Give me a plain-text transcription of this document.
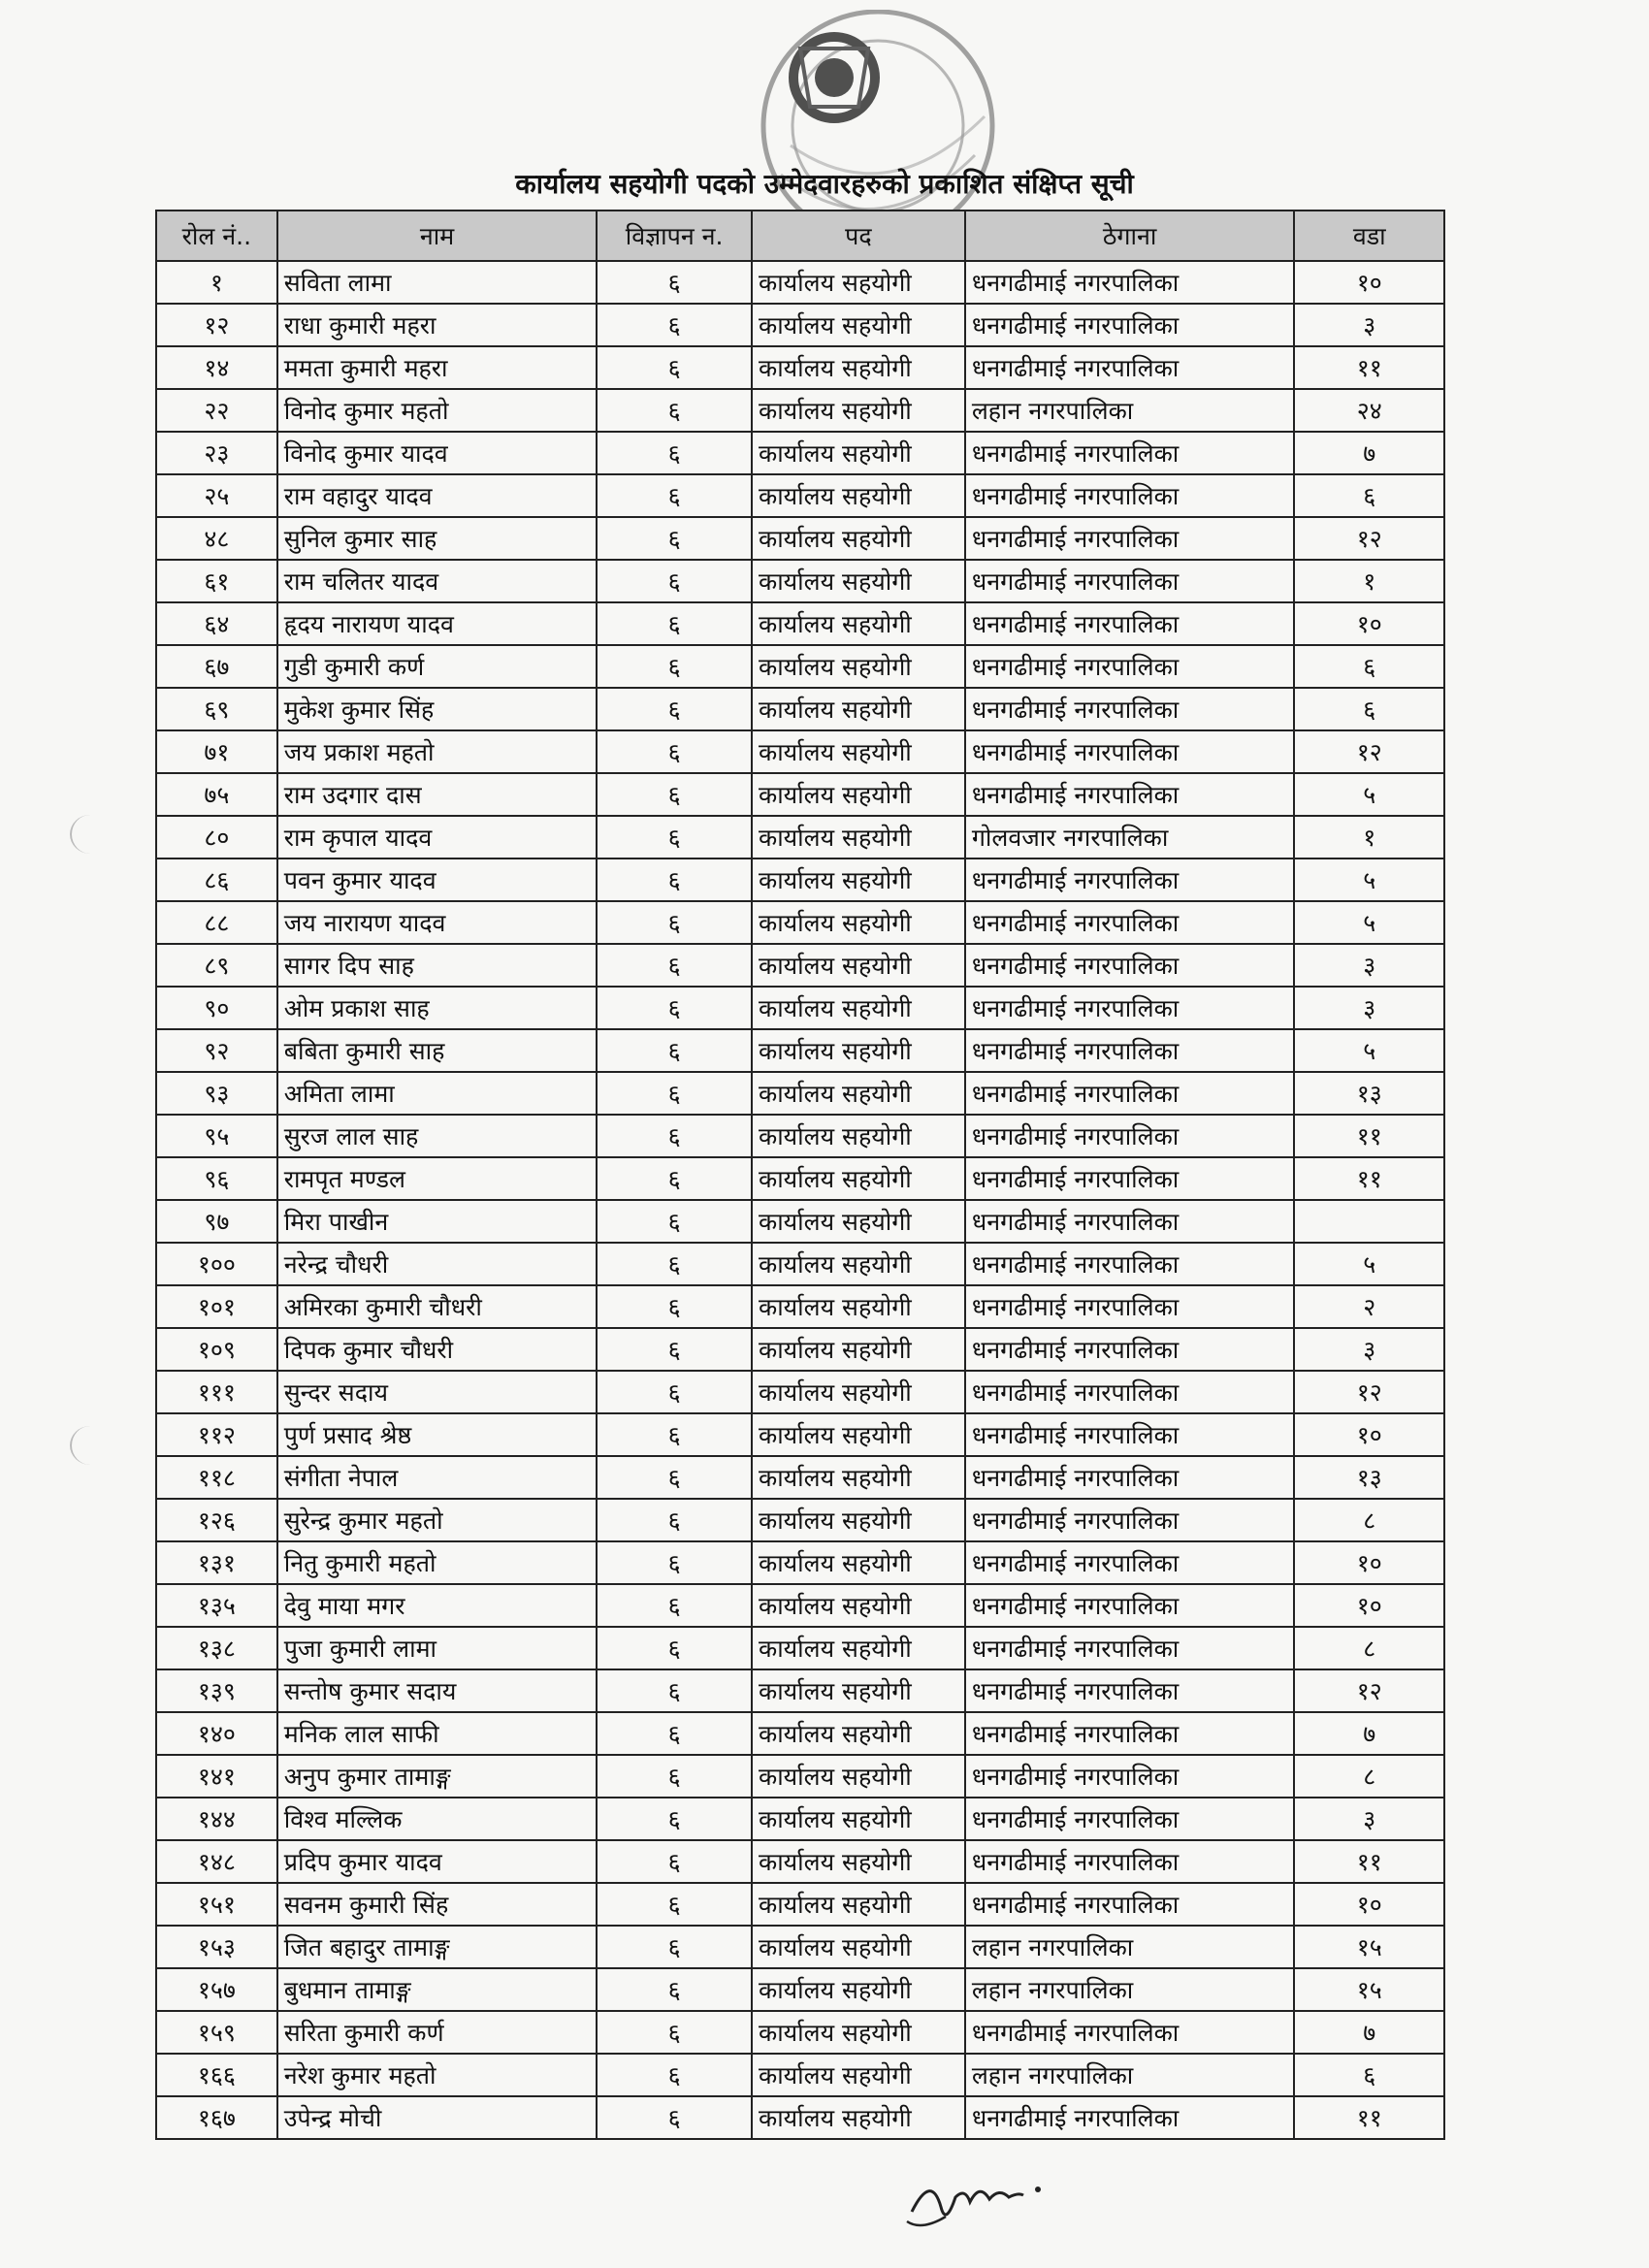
कार्यालय सहयोगी पदको उम्मेदवारहरुको प्रकाशित संक्षिप्त सूची
रोल नं..	नाम	विज्ञापन न.	पद	ठेगाना	वडा
१	सविता लामा	६	कार्यालय सहयोगी	धनगढीमाई नगरपालिका	१०
१२	राधा कुमारी महरा	६	कार्यालय सहयोगी	धनगढीमाई नगरपालिका	३
१४	ममता कुमारी महरा	६	कार्यालय सहयोगी	धनगढीमाई नगरपालिका	११
२२	विनोद कुमार महतो	६	कार्यालय सहयोगी	लहान नगरपालिका	२४
२३	विनोद कुमार यादव	६	कार्यालय सहयोगी	धनगढीमाई नगरपालिका	७
२५	राम वहादुर यादव	६	कार्यालय सहयोगी	धनगढीमाई नगरपालिका	६
४८	सुनिल कुमार साह	६	कार्यालय सहयोगी	धनगढीमाई नगरपालिका	१२
६१	राम चलितर यादव	६	कार्यालय सहयोगी	धनगढीमाई नगरपालिका	१
६४	हृदय नारायण यादव	६	कार्यालय सहयोगी	धनगढीमाई नगरपालिका	१०
६७	गुडी कुमारी कर्ण	६	कार्यालय सहयोगी	धनगढीमाई नगरपालिका	६
६९	मुकेश कुमार सिंह	६	कार्यालय सहयोगी	धनगढीमाई नगरपालिका	६
७१	जय प्रकाश महतो	६	कार्यालय सहयोगी	धनगढीमाई नगरपालिका	१२
७५	राम उदगार दास	६	कार्यालय सहयोगी	धनगढीमाई नगरपालिका	५
८०	राम कृपाल यादव	६	कार्यालय सहयोगी	गोलवजार नगरपालिका	१
८६	पवन कुमार यादव	६	कार्यालय सहयोगी	धनगढीमाई नगरपालिका	५
८८	जय नारायण यादव	६	कार्यालय सहयोगी	धनगढीमाई नगरपालिका	५
८९	सागर दिप साह	६	कार्यालय सहयोगी	धनगढीमाई नगरपालिका	३
९०	ओम प्रकाश साह	६	कार्यालय सहयोगी	धनगढीमाई नगरपालिका	३
९२	बबिता कुमारी साह	६	कार्यालय सहयोगी	धनगढीमाई नगरपालिका	५
९३	अमिता लामा	६	कार्यालय सहयोगी	धनगढीमाई नगरपालिका	१३
९५	सुरज लाल साह	६	कार्यालय सहयोगी	धनगढीमाई नगरपालिका	११
९६	रामपृत मण्डल	६	कार्यालय सहयोगी	धनगढीमाई नगरपालिका	११
९७	मिरा पाखीन	६	कार्यालय सहयोगी	धनगढीमाई नगरपालिका	
१००	नरेन्द्र चौधरी	६	कार्यालय सहयोगी	धनगढीमाई नगरपालिका	५
१०१	अमिरका कुमारी चौधरी	६	कार्यालय सहयोगी	धनगढीमाई नगरपालिका	२
१०९	दिपक कुमार चौधरी	६	कार्यालय सहयोगी	धनगढीमाई नगरपालिका	३
१११	सुन्दर सदाय	६	कार्यालय सहयोगी	धनगढीमाई नगरपालिका	१२
११२	पुर्ण प्रसाद श्रेष्ठ	६	कार्यालय सहयोगी	धनगढीमाई नगरपालिका	१०
११८	संगीता नेपाल	६	कार्यालय सहयोगी	धनगढीमाई नगरपालिका	१३
१२६	सुरेन्द्र कुमार महतो	६	कार्यालय सहयोगी	धनगढीमाई नगरपालिका	८
१३१	नितु कुमारी महतो	६	कार्यालय सहयोगी	धनगढीमाई नगरपालिका	१०
१३५	देवु माया मगर	६	कार्यालय सहयोगी	धनगढीमाई नगरपालिका	१०
१३८	पुजा कुमारी लामा	६	कार्यालय सहयोगी	धनगढीमाई नगरपालिका	८
१३९	सन्तोष कुमार सदाय	६	कार्यालय सहयोगी	धनगढीमाई नगरपालिका	१२
१४०	मनिक लाल साफी	६	कार्यालय सहयोगी	धनगढीमाई नगरपालिका	७
१४१	अनुप कुमार तामाङ्ग	६	कार्यालय सहयोगी	धनगढीमाई नगरपालिका	८
१४४	विश्व मल्लिक	६	कार्यालय सहयोगी	धनगढीमाई नगरपालिका	३
१४८	प्रदिप कुमार यादव	६	कार्यालय सहयोगी	धनगढीमाई नगरपालिका	११
१५१	सवनम कुमारी सिंह	६	कार्यालय सहयोगी	धनगढीमाई नगरपालिका	१०
१५३	जित बहादुर तामाङ्ग	६	कार्यालय सहयोगी	लहान नगरपालिका	१५
१५७	बुधमान तामाङ्ग	६	कार्यालय सहयोगी	लहान नगरपालिका	१५
१५९	सरिता कुमारी कर्ण	६	कार्यालय सहयोगी	धनगढीमाई नगरपालिका	७
१६६	नरेश कुमार महतो	६	कार्यालय सहयोगी	लहान नगरपालिका	६
१६७	उपेन्द्र मोची	६	कार्यालय सहयोगी	धनगढीमाई नगरपालिका	११
